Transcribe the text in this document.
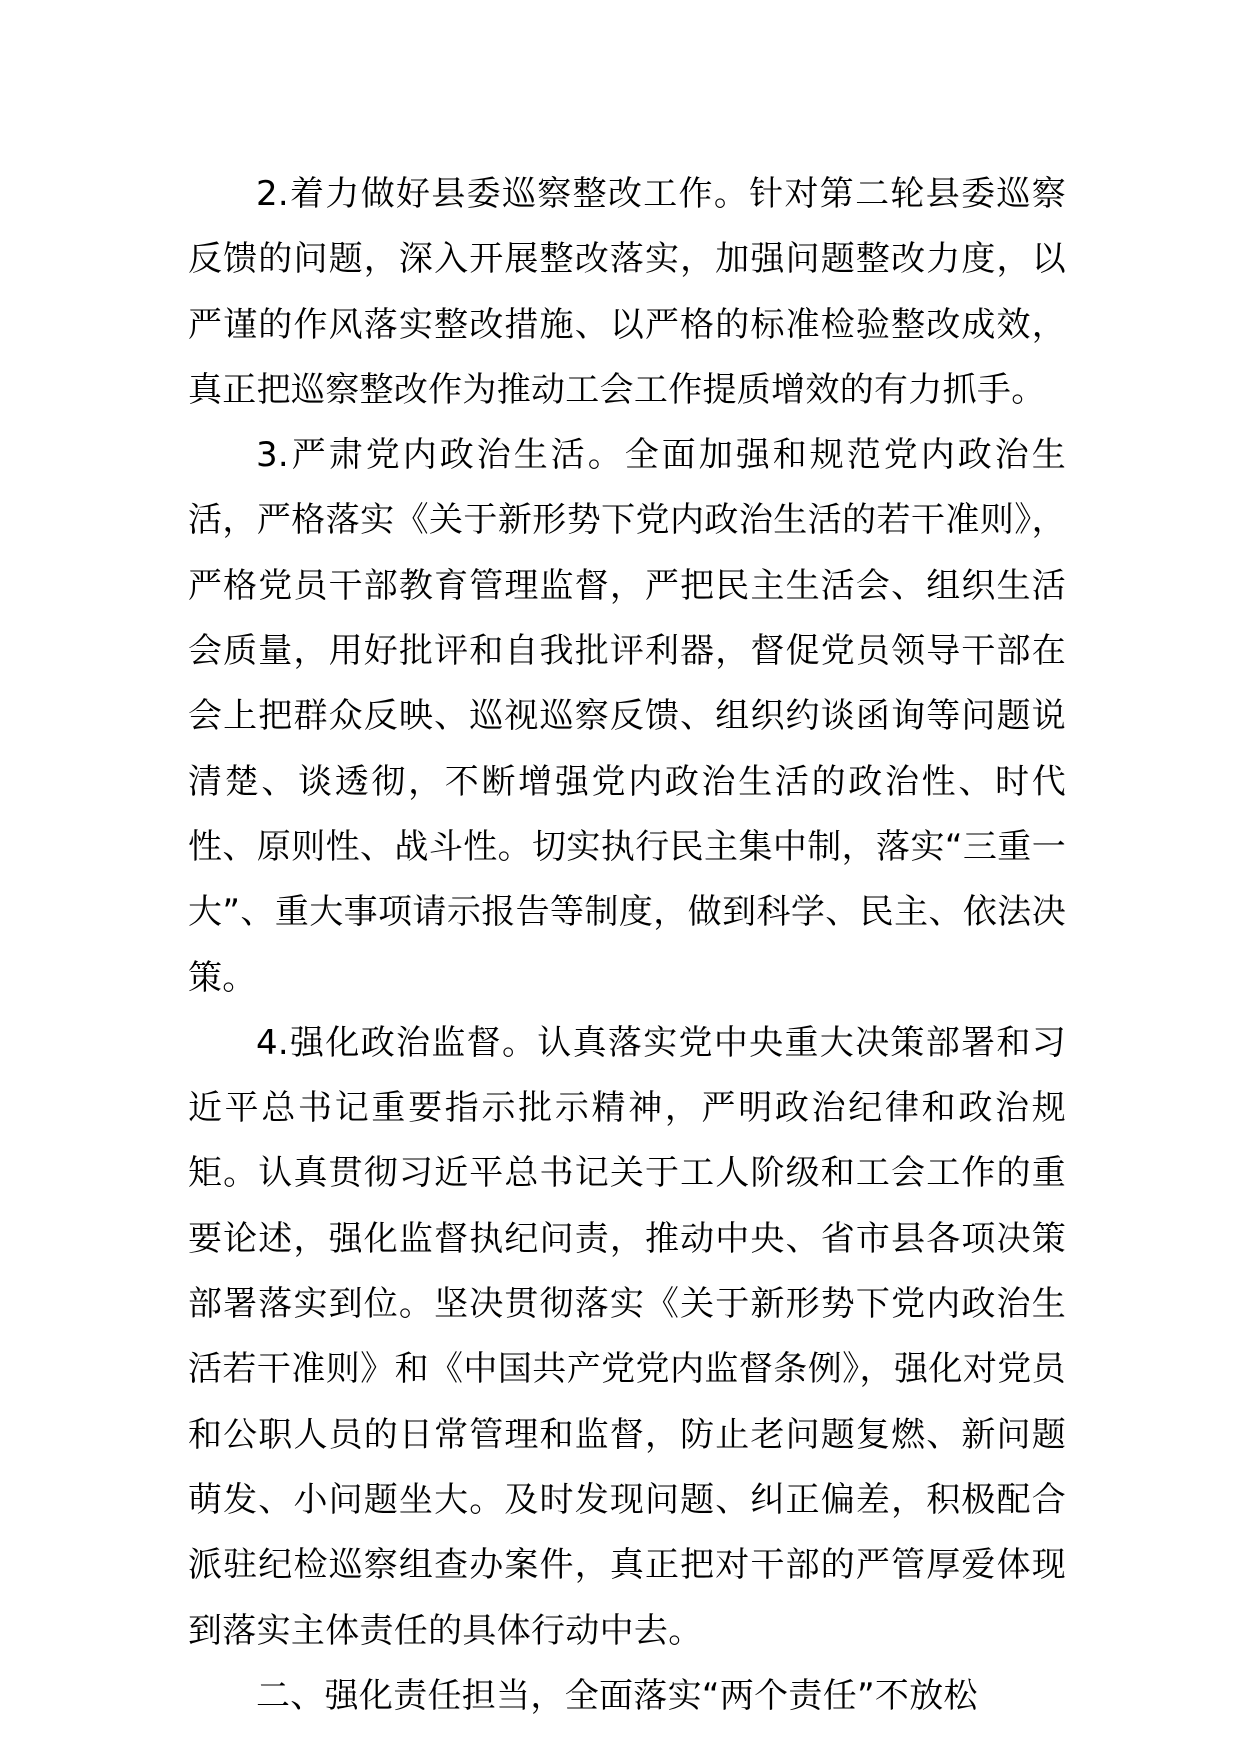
2.着力做好县委巡察整改工作。针对第二轮县委巡察反馈的问题，深入开展整改落实，加强问题整改力度，以严谨的作风落实整改措施、以严格的标准检验整改成效，真正把巡察整改作为推动工会工作提质增效的有力抓手。

3.严肃党内政治生活。全面加强和规范党内政治生活，严格落实《关于新形势下党内政治生活的若干准则》，严格党员干部教育管理监督，严把民主生活会、组织生活会质量，用好批评和自我批评利器，督促党员领导干部在会上把群众反映、巡视巡察反馈、组织约谈函询等问题说清楚、谈透彻，不断增强党内政治生活的政治性、时代性、原则性、战斗性。切实执行民主集中制，落实“三重一大”、重大事项请示报告等制度，做到科学、民主、依法决策。

4.强化政治监督。认真落实党中央重大决策部署和习近平总书记重要指示批示精神，严明政治纪律和政治规矩。认真贯彻习近平总书记关于工人阶级和工会工作的重要论述，强化监督执纪问责，推动中央、省市县各项决策部署落实到位。坚决贯彻落实《关于新形势下党内政治生活若干准则》和《中国共产党党内监督条例》，强化对党员和公职人员的日常管理和监督，防止老问题复燃、新问题萌发、小问题坐大。及时发现问题、纠正偏差，积极配合派驻纪检巡察组查办案件，真正把对干部的严管厚爱体现到落实主体责任的具体行动中去。

二、强化责任担当，全面落实“两个责任”不放松
